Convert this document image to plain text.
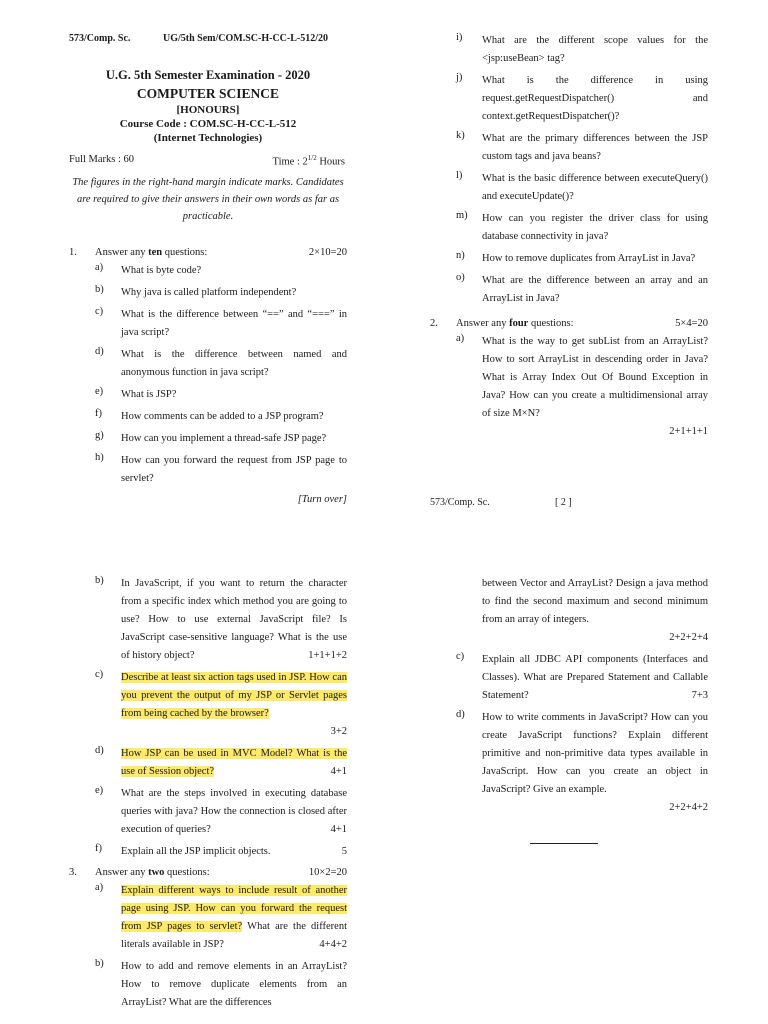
573/Comp. Sc.	UG/5th Sem/COM.SC-H-CC-L-512/20
U.G. 5th Semester Examination - 2020
COMPUTER SCIENCE
[HONOURS]
Course Code : COM.SC-H-CC-L-512
(Internet Technologies)
Full Marks : 60	Time : $2^{1/2}$ Hours
The figures in the right-hand margin indicate marks. Candidates are required to give their answers in their own words as far as practicable.
1.	Answer any ten questions:	2×10=20
a)	What is byte code?
b)	Why java is called platform independent?
c)	What is the difference between “==” and “===” in java script?
d)	What is the difference between named and anonymous function in java script?
e)	What is JSP?
f)	How comments can be added to a JSP program?
g)	How can you implement a thread-safe JSP page?
h)	How can you forward the request from JSP page to servlet?
[Turn over]
i)	What are the different scope values for the <jsp:useBean> tag?
j)	What is the difference in using request.getRequestDispatcher() and context.getRequestDispatcher()?
k)	What are the primary differences between the JSP custom tags and java beans?
l)	What is the basic difference between executeQuery() and executeUpdate()?
m)	How can you register the driver class for using database connectivity in java?
n)	How to remove duplicates from ArrayList in Java?
o)	What are the difference between an array and an ArrayList in Java?
2.	Answer any four questions:	5×4=20
a)	What is the way to get subList from an ArrayList? How to sort ArrayList in descending order in Java? What is Array Index Out Of Bound Exception in Java? How can you create a multidimensional array of size M×N?
2+1+1+1
573/Comp. Sc.	[ 2 ]
b)	In JavaScript, if you want to return the character from a specific index which method you are going to use? How to use external JavaScript file? Is JavaScript case-sensitive language? What is the use of history object?	1+1+1+2
c)	Describe at least six action tags used in JSP. How can you prevent the output of my JSP or Servlet pages from being cached by the browser?
3+2
d)	How JSP can be used in MVC Model? What is the use of Session object?	4+1
e)	What are the steps involved in executing database queries with java? How the connection is closed after execution of queries?	4+1
f)	Explain all the JSP implicit objects.	5
3.	Answer any two questions:	10×2=20
a)	Explain different ways to include result of another page using JSP. How can you forward the request from JSP pages to servlet? What are the different literals available in JSP?	4+4+2
b)	How to add and remove elements in an ArrayList? How to remove duplicate elements from an ArrayList? What are the differences
between Vector and ArrayList? Design a java method to find the second maximum and second minimum from an array of integers.
2+2+2+4
c)	Explain all JDBC API components (Interfaces and Classes). What are Prepared Statement and Callable Statement?	7+3
d)	How to write comments in JavaScript? How can you create JavaScript functions? Explain different primitive and non-primitive data types available in JavaScript. How can you create an object in JavaScript? Give an example.
2+2+4+2
